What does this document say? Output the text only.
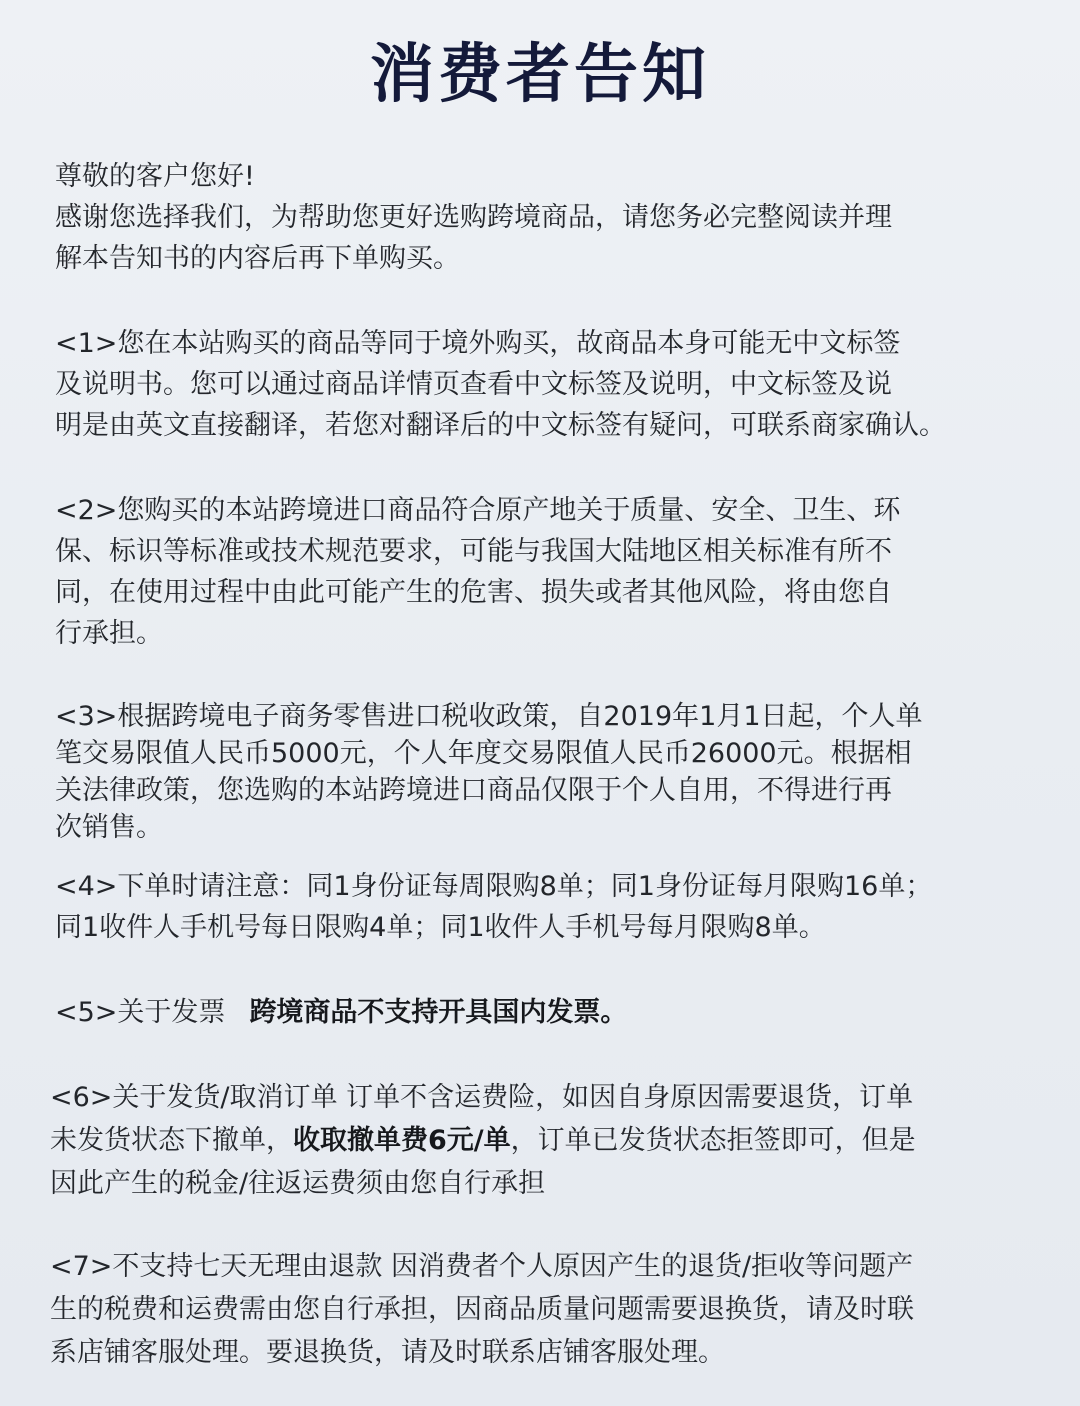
消费者告知
尊敬的客户您好!
感谢您选择我们，为帮助您更好选购跨境商品，请您务必完整阅读并理
解本告知书的内容后再下单购买。
<1>您在本站购买的商品等同于境外购买，故商品本身可能无中文标签
及说明书。您可以通过商品详情页查看中文标签及说明，中文标签及说
明是由英文直接翻译，若您对翻译后的中文标签有疑问，可联系商家确认。
<2>您购买的本站跨境进口商品符合原产地关于质量、安全、卫生、环
保、标识等标准或技术规范要求，可能与我国大陆地区相关标准有所不
同，在使用过程中由此可能产生的危害、损失或者其他风险，将由您自
行承担。
<3>根据跨境电子商务零售进口税收政策，自2019年1月1日起，个人单
笔交易限值人民币5000元，个人年度交易限值人民币26000元。根据相
关法律政策，您选购的本站跨境进口商品仅限于个人自用，不得进行再
次销售。
<4>下单时请注意：同1身份证每周限购8单；同1身份证每月限购16单；
同1收件人手机号每日限购4单；同1收件人手机号每月限购8单。
<5>关于发票 跨境商品不支持开具国内发票。
<6>关于发货/取消订单 订单不含运费险，如因自身原因需要退货，订单
未发货状态下撤单，收取撤单费6元/单，订单已发货状态拒签即可，但是
因此产生的税金/往返运费须由您自行承担
<7>不支持七天无理由退款 因消费者个人原因产生的退货/拒收等问题产
生的税费和运费需由您自行承担，因商品质量问题需要退换货，请及时联
系店铺客服处理。要退换货，请及时联系店铺客服处理。
